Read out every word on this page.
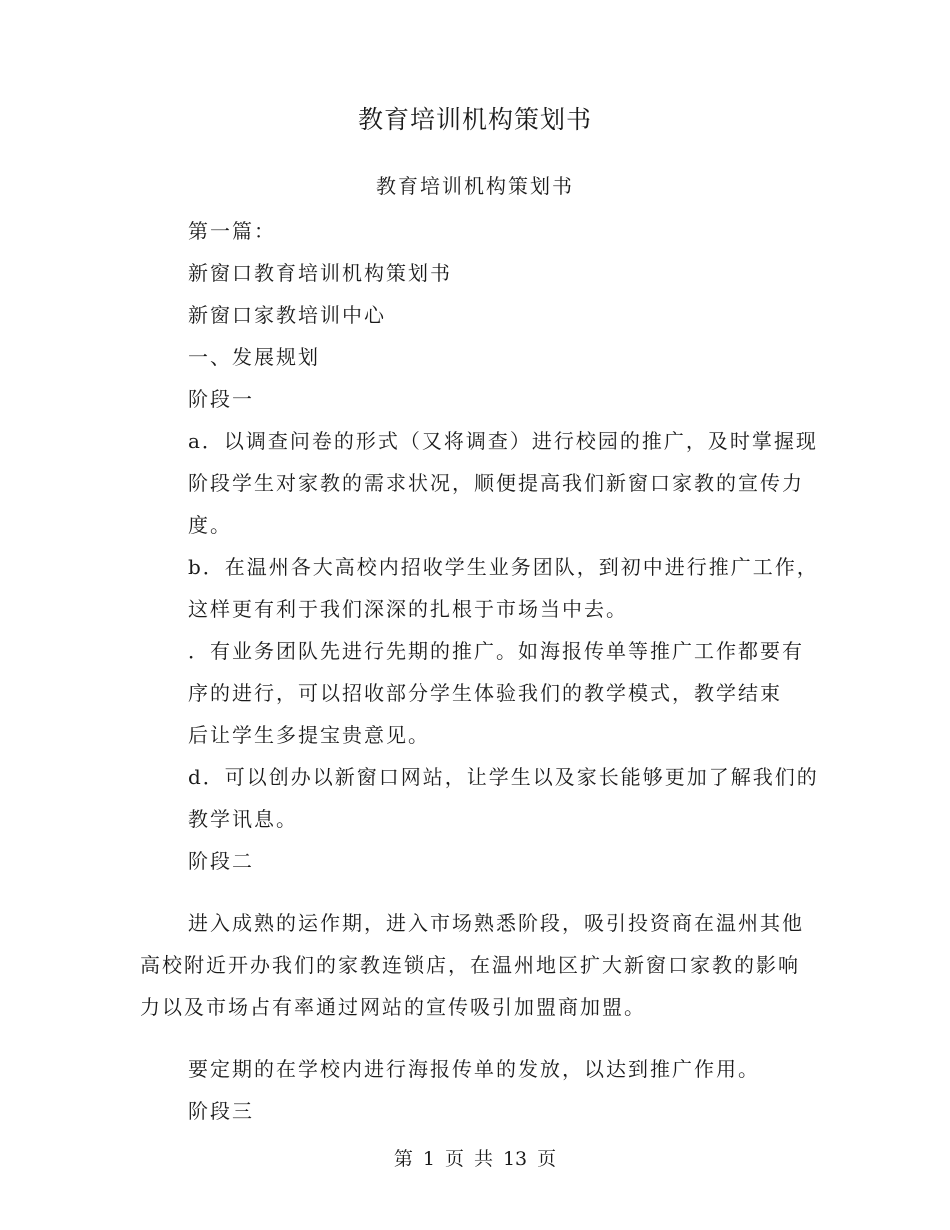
教育培训机构策划书
教育培训机构策划书

第一篇：

新窗口教育培训机构策划书

新窗口家教培训中心

一、发展规划

阶段一

a．以调查问卷的形式（又将调查）进行校园的推广，及时掌握现

阶段学生对家教的需求状况，顺便提高我们新窗口家教的宣传力

度。

b．在温州各大高校内招收学生业务团队，到初中进行推广工作，

这样更有利于我们深深的扎根于市场当中去。

．有业务团队先进行先期的推广。如海报传单等推广工作都要有

序的进行，可以招收部分学生体验我们的教学模式，教学结束

后让学生多提宝贵意见。

d．可以创办以新窗口网站，让学生以及家长能够更加了解我们的

教学讯息。

阶段二

进入成熟的运作期，进入市场熟悉阶段，吸引投资商在温州其他高校附近开办我们的家教连锁店，在温州地区扩大新窗口家教的影响力以及市场占有率通过网站的宣传吸引加盟商加盟。

要定期的在学校内进行海报传单的发放，以达到推广作用。

阶段三

第 1 页 共 13 页
